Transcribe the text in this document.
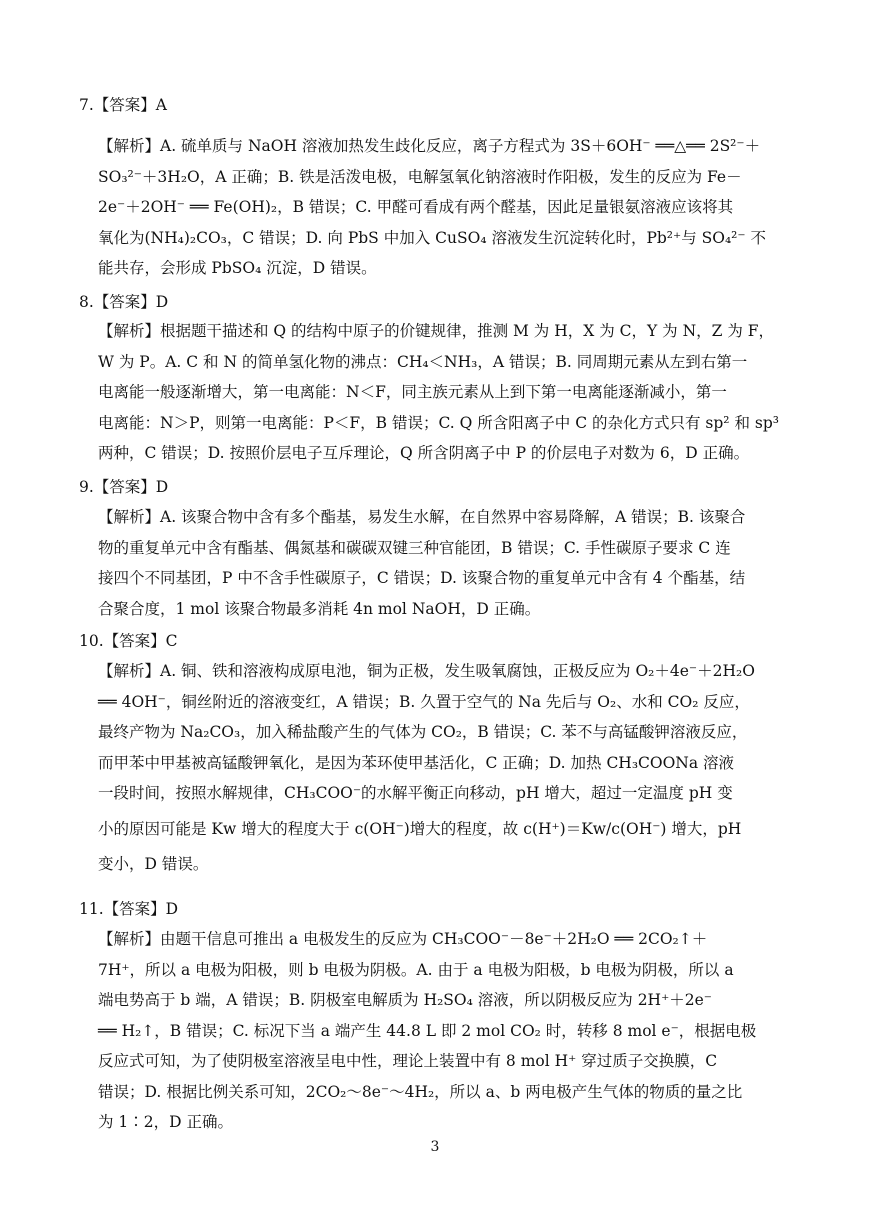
7.【答案】A
【解析】A. 硫单质与 NaOH 溶液加热发生歧化反应，离子方程式为 3S＋6OH⁻ ══△══ 2S²⁻＋
SO₃²⁻＋3H₂O，A 正确；B. 铁是活泼电极，电解氢氧化钠溶液时作阳极，发生的反应为 Fe－
2e⁻＋2OH⁻ ══ Fe(OH)₂，B 错误；C. 甲醛可看成有两个醛基，因此足量银氨溶液应该将其
氧化为(NH₄)₂CO₃，C 错误；D. 向 PbS 中加入 CuSO₄ 溶液发生沉淀转化时，Pb²⁺与 SO₄²⁻ 不
能共存，会形成 PbSO₄ 沉淀，D 错误。
8.【答案】D
【解析】根据题干描述和 Q 的结构中原子的价键规律，推测 M 为 H，X 为 C，Y 为 N，Z 为 F，
W 为 P。A. C 和 N 的简单氢化物的沸点：CH₄＜NH₃，A 错误；B. 同周期元素从左到右第一
电离能一般逐渐增大，第一电离能：N＜F，同主族元素从上到下第一电离能逐渐减小，第一
电离能：N＞P，则第一电离能：P＜F，B 错误；C. Q 所含阳离子中 C 的杂化方式只有 sp² 和 sp³
两种，C 错误；D. 按照价层电子互斥理论，Q 所含阴离子中 P 的价层电子对数为 6，D 正确。
9.【答案】D
【解析】A. 该聚合物中含有多个酯基，易发生水解，在自然界中容易降解，A 错误；B. 该聚合
物的重复单元中含有酯基、偶氮基和碳碳双键三种官能团，B 错误；C. 手性碳原子要求 C 连
接四个不同基团，P 中不含手性碳原子，C 错误；D. 该聚合物的重复单元中含有 4 个酯基，结
合聚合度，1 mol 该聚合物最多消耗 4n mol NaOH，D 正确。
10.【答案】C
【解析】A. 铜、铁和溶液构成原电池，铜为正极，发生吸氧腐蚀，正极反应为 O₂＋4e⁻＋2H₂O
══ 4OH⁻，铜丝附近的溶液变红，A 错误；B. 久置于空气的 Na 先后与 O₂、水和 CO₂ 反应，
最终产物为 Na₂CO₃，加入稀盐酸产生的气体为 CO₂，B 错误；C. 苯不与高锰酸钾溶液反应，
而甲苯中甲基被高锰酸钾氧化，是因为苯环使甲基活化，C 正确；D. 加热 CH₃COONa 溶液
一段时间，按照水解规律，CH₃COO⁻的水解平衡正向移动，pH 增大，超过一定温度 pH 变
小的原因可能是 Kw 增大的程度大于 c(OH⁻)增大的程度，故 c(H⁺)＝Kw/c(OH⁻) 增大，pH
变小，D 错误。
11.【答案】D
【解析】由题干信息可推出 a 电极发生的反应为 CH₃COO⁻－8e⁻＋2H₂O ══ 2CO₂↑＋
7H⁺，所以 a 电极为阳极，则 b 电极为阴极。A. 由于 a 电极为阳极，b 电极为阴极，所以 a
端电势高于 b 端，A 错误；B. 阴极室电解质为 H₂SO₄ 溶液，所以阴极反应为 2H⁺＋2e⁻
══ H₂↑，B 错误；C. 标况下当 a 端产生 44.8 L 即 2 mol CO₂ 时，转移 8 mol e⁻，根据电极
反应式可知，为了使阴极室溶液呈电中性，理论上装置中有 8 mol H⁺ 穿过质子交换膜，C
错误；D. 根据比例关系可知，2CO₂～8e⁻～4H₂，所以 a、b 两电极产生气体的物质的量之比
为 1∶2，D 正确。
3
